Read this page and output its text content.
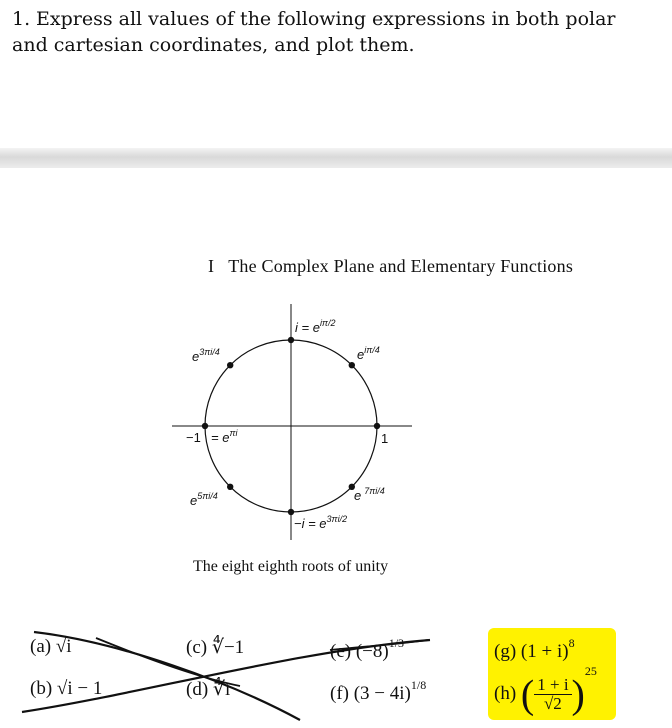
1. Express all values of the following expressions in both polar and cartesian coordinates, and plot them.
I The Complex Plane and Elementary Functions
$i = e^{i\pi/2}$
$e^{i\pi/4}$
$e^{3\pi i/4}$
$-1 = e^{\pi i}$	1
$e^{5\pi i/4}$	e $^{7\pi i/4}$
$-i = e^{3\pi i/2}$
The eight eighth roots of unity
(a) √i
(b) √i − 1
(c) ∜−1
(d) ∜i
(e) $(-8)^{1/3}$
(f) $(3 - 4i)^{1/8}$
(g) $(1 + i)^8$
(h) ( $\frac{1 + i}{√2} )^{25}$
